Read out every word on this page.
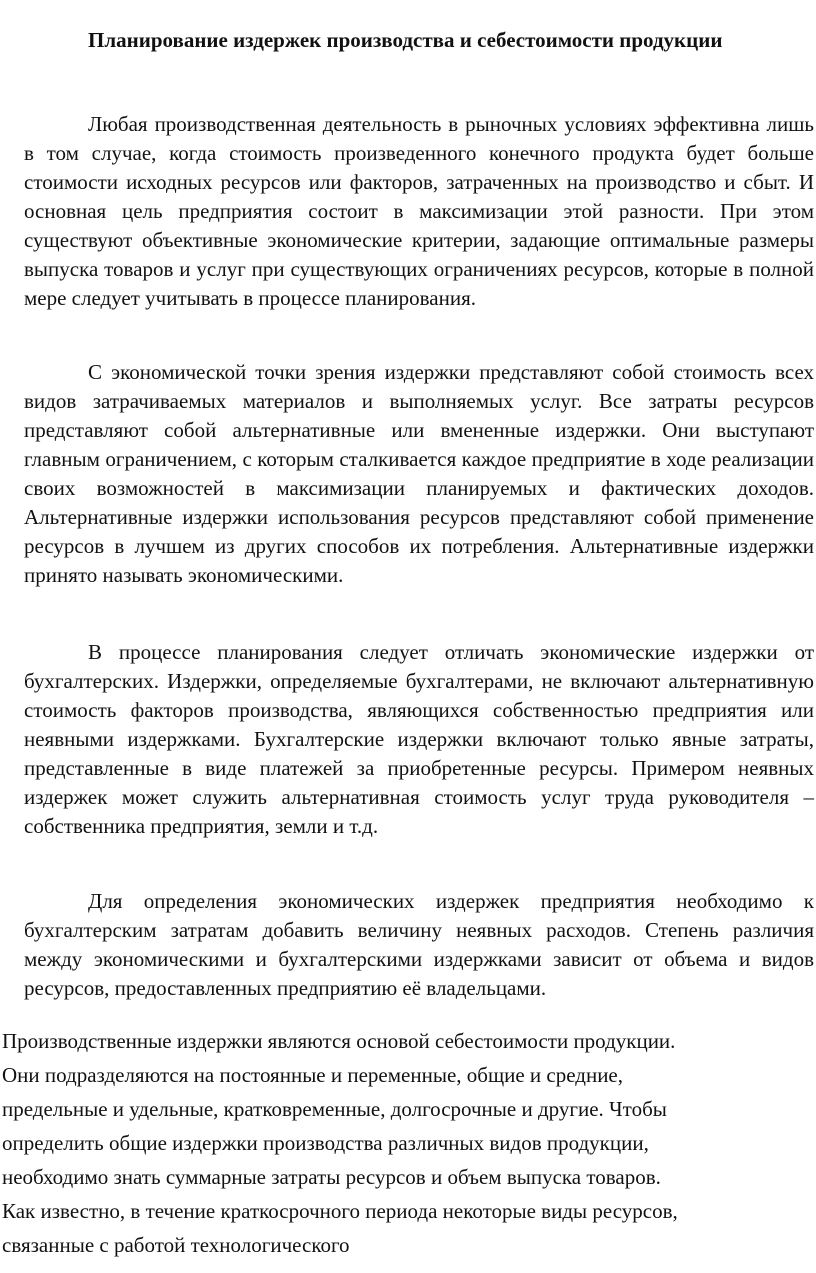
Планирование издержек производства и себестоимости продукции

Любая производственная деятельность в рыночных условиях эффективна лишь в том случае, когда стоимость произведенного конечного продукта будет больше стоимости исходных ресурсов или факторов, затраченных на производство и сбыт. И основная цель предприятия состоит в максимизации этой разности. При этом существуют объективные экономические критерии, задающие оптимальные размеры выпуска товаров и услуг при существующих ограничениях ресурсов, которые в полной мере следует учитывать в процессе планирования.

С экономической точки зрения издержки представляют собой стоимость всех видов затрачиваемых материалов и выполняемых услуг. Все затраты ресурсов представляют собой альтернативные или вмененные издержки. Они выступают главным ограничением, с которым сталкивается каждое предприятие в ходе реализации своих возможностей в максимизации планируемых и фактических доходов. Альтернативные издержки использования ресурсов представляют собой применение ресурсов в лучшем из других способов их потребления. Альтернативные издержки принято называть экономическими.

В процессе планирования следует отличать экономические издержки от бухгалтерских. Издержки, определяемые бухгалтерами, не включают альтернативную стоимость факторов производства, являющихся собственностью предприятия или неявными издержками. Бухгалтерские издержки включают только явные затраты, представленные в виде платежей за приобретенные ресурсы. Примером неявных издержек может служить альтернативная стоимость услуг труда руководителя – собственника предприятия, земли и т.д.

Для определения экономических издержек предприятия необходимо к бухгалтерским затратам добавить величину неявных расходов. Степень различия между экономическими и бухгалтерскими издержками зависит от объема и видов ресурсов, предоставленных предприятию её владельцами.

Производственные издержки являются основой себестоимости продукции.
Они подразделяются на постоянные и переменные, общие и средние,
предельные и удельные, кратковременные, долгосрочные и другие. Чтобы
определить общие издержки производства различных видов продукции,
необходимо знать суммарные затраты ресурсов и объем выпуска товаров.
Как известно, в течение краткосрочного периода некоторые виды ресурсов,
связанные с работой технологического
